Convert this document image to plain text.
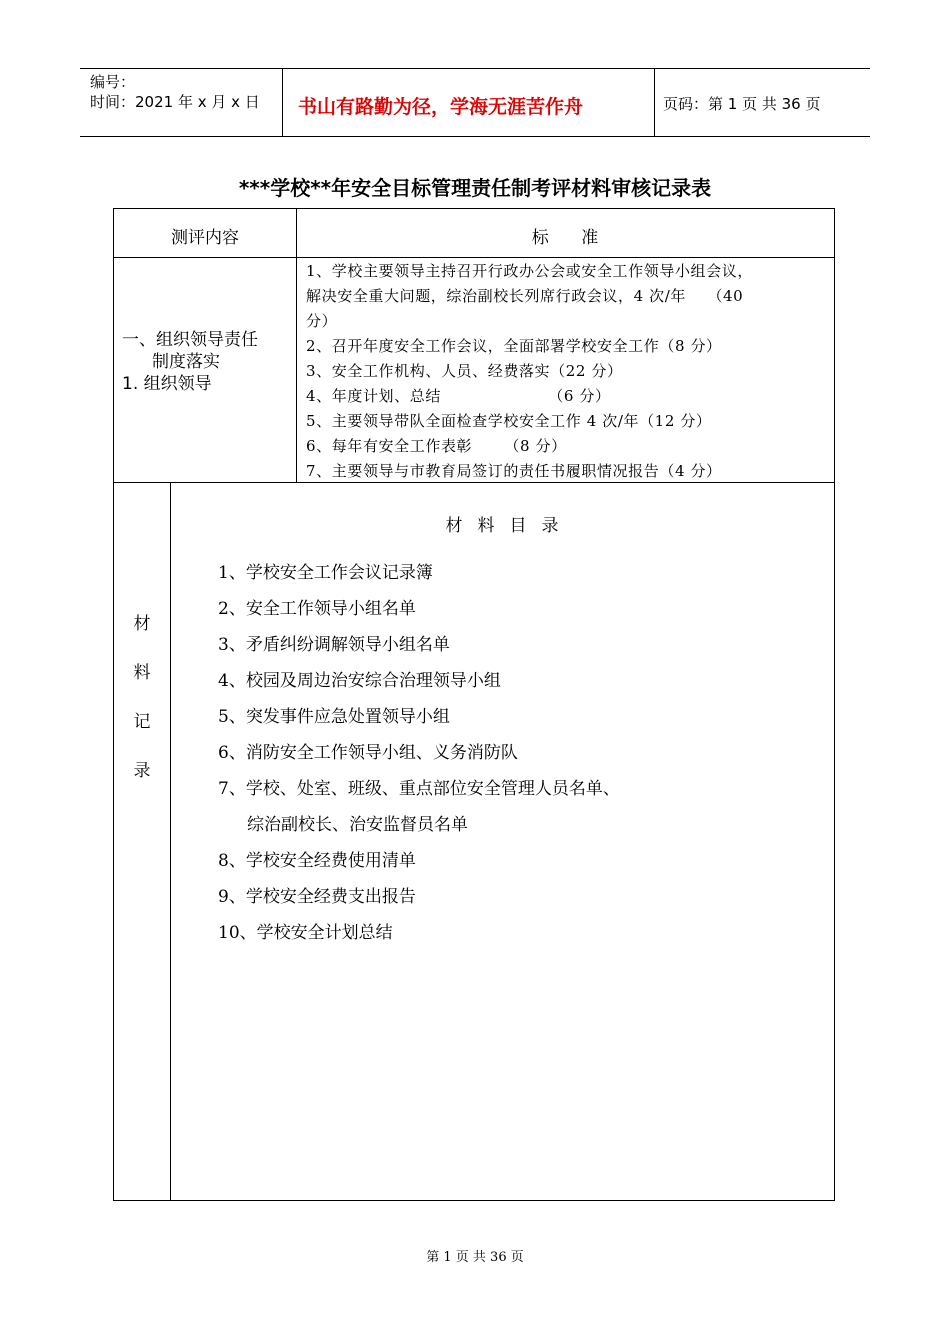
编号：
时间：2021 年 x 月 x 日 书山有路勤为径，学海无涯苦作舟	页码：第 1 页 共 36 页
***学校**年安全目标管理责任制考评材料审核记录表
测评内容	标      准
一、组织领导责任
制度落实
1. 组织领导
1、学校主要领导主持召开行政办公会或安全工作领导小组会议，
解决安全重大问题，综治副校长列席行政会议，4 次/年    （40
分）
2、召开年度安全工作会议，全面部署学校安全工作（8 分）
3、安全工作机构、人员、经费落实（22 分）
4、年度计划、总结                    （6 分）
5、主要领导带队全面检查学校安全工作 4 次/年（12 分）
6、每年有安全工作表彰      （8 分）
7、主要领导与市教育局签订的责任书履职情况报告（4 分）
材
料
记
录
材料目录
1、学校安全工作会议记录簿
2、安全工作领导小组名单
3、矛盾纠纷调解领导小组名单
4、校园及周边治安综合治理领导小组
5、突发事件应急处置领导小组
6、消防安全工作领导小组、义务消防队
7、学校、处室、班级、重点部位安全管理人员名单、
综治副校长、治安监督员名单
8、学校安全经费使用清单
9、学校安全经费支出报告
10、学校安全计划总结
第 1 页 共 36 页
